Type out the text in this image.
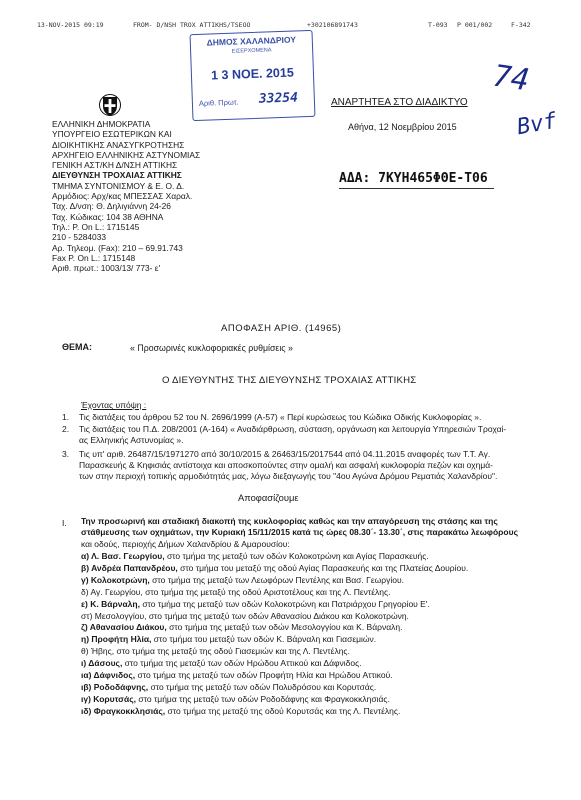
13-NOV-2015 09:19	FROM- D/NSH TROX ATTIKHS/TSEOO	+302106891743	T-093 P 001/002	F-342
ΕΛΛΗΝΙΚΗ ΔΗΜΟΚΡΑΤΙΑ
ΥΠΟΥΡΓΕΙΟ ΕΣΩΤΕΡΙΚΩΝ ΚΑΙ
ΔΙΟΙΚΗΤΙΚΗΣ ΑΝΑΣΥΓΚΡΟΤΗΣΗΣ
ΑΡΧΗΓΕΙΟ ΕΛΛΗΝΙΚΗΣ ΑΣΤΥΝΟΜΙΑΣ
ΓΕΝΙΚΗ ΑΣΤ/ΚΗ Δ/ΝΣΗ ΑΤΤΙΚΗΣ
ΔΙΕΥΘΥΝΣΗ ΤΡΟΧΑΙΑΣ ΑΤΤΙΚΗΣ
ΤΜΗΜΑ ΣΥΝΤΟΝΙΣΜΟΥ & Ε. Ο. Δ.
Αρμόδιος: Αρχ/κας ΜΠΕΣΣΑΣ Χαραλ.
Ταχ. Δ/νση: Θ. Δηλιγιάννη 24-26
Ταχ. Κώδικας: 104 38 ΑΘΗΝΑ
Τηλ.: Ρ. On L.: 1715145
210 - 5284033
Αρ. Τηλεομ. (Fax): 210 – 69.91.743
Fax P. On L.: 1715148
Αριθ. πρωτ.: 1003/13/ 773- ε'
ΔΗΜΟΣ ΧΑΛΑΝΔΡΙΟΥ
ΕΙΣΕΡΧΟΜΕΝΑ
1 3 ΝΟΕ. 2015
Αριθ. Πρωτ. 33254	ΑΝΑΡΤΗΤΕΑ ΣΤΟ ΔΙΑΔΙΚΤΥΟ
Αθήνα, 12 Νοεμβρίου 2015
ΑΔΑ: 7ΚΥΗ465ΦΘΕ-Τ06
74
Bvf
ΑΠΟΦΑΣΗ ΑΡΙΘ. (14965)
ΘΕΜΑ:	« Προσωρινές κυκλοφοριακές ρυθμίσεις »
Ο ΔΙΕΥΘΥΝΤΗΣ ΤΗΣ ΔΙΕΥΘΥΝΣΗΣ ΤΡΟΧΑΙΑΣ ΑΤΤΙΚΗΣ
Έχοντας υπόψη :
1. Τις διατάξεις του άρθρου 52 του Ν. 2696/1999 (Α-57) « Περί κυρώσεως του Κώδικα Οδικής Κυκλοφορίας ».
2. Τις διατάξεις του Π.Δ. 208/2001 (Α-164) « Αναδιάρθρωση, σύσταση, οργάνωση και λειτουργία Υπηρεσιών Τροχαί-
ας Ελληνικής Αστυνομίας ».
3. Τις υπ' αριθ. 26487/15/1971270 από 30/10/2015 & 26463/15/2017544 από 04.11.2015 αναφορές των Τ.Τ. Αγ.
Παρασκευής & Κηφισιάς αντίστοιχα και αποσκοπούντες στην ομαλή και ασφαλή κυκλοφορία πεζών και οχημά-
των στην περιοχή τοπικής αρμοδιότητάς μας, λόγω διεξαγωγής του "4ου Αγώνα Δρόμου Ρεματιάς Χαλανδρίου".
Αποφασίζουμε
I. Την προσωρινή και σταδιακή διακοπή της κυκλοφορίας καθώς και την απαγόρευση της στάσης και της
στάθμευσης των οχημάτων, την Κυριακή 15/11/2015 κατά τις ώρες 08.30΄- 13.30΄, στις παρακάτω λεωφόρους
και οδούς, περιοχής Δήμων Χαλανδρίου & Αμαρουσίου:
α) Λ. Βασ. Γεωργίου, στο τμήμα της μεταξύ των οδών Κολοκοτρώνη και Αγίας Παρασκευής.
β) Ανδρέα Παπανδρέου, στο τμήμα του μεταξύ της οδού Αγίας Παρασκευής και της Πλατείας Δουρίου.
γ) Κολοκοτρώνη, στο τμήμα της μεταξύ των Λεωφόρων Πεντέλης και Βασ. Γεωργίου.
δ) Αγ. Γεωργίου, στο τμήμα της μεταξύ της οδού Αριστοτέλους και της Λ. Πεντέλης.
ε) Κ. Βάρναλη, στο τμήμα της μεταξύ των οδών Κολοκοτρώνη και Πατριάρχου Γρηγορίου Ε'.
στ) Μεσολογγίου, στο τμήμα της μεταξύ των οδών Αθανασίου Διάκου και Κολοκοτρώνη.
ζ) Αθανασίου Διάκου, στο τμήμα της μεταξύ των οδών Μεσολογγίου και Κ. Βάρναλη.
η) Προφήτη Ηλία, στο τμήμα του μεταξύ των οδών Κ. Βάρναλη και Γιασεμιών.
θ) Ήβης, στο τμήμα της μεταξύ της οδού Γιασεμιών και της Λ. Πεντέλης.
ι) Δάσους, στο τμήμα της μεταξύ των οδών Ηρώδου Αττικού και Δάφνιδος.
ια) Δάφνιδος, στο τμήμα της μεταξύ των οδών Προφήτη Ηλία και Ηρώδου Αττικού.
ιβ) Ροδοδάφνης, στο τμήμα της μεταξύ των οδών Πολυδρόσου και Κορυτσάς.
ιγ) Κορυτσάς, στο τμήμα της μεταξύ των οδών Ροδοδάφνης και Φραγκοκκλησιάς.
ιδ) Φραγκοκκλησιάς, στο τμήμα της μεταξύ της οδού Κορυτσάς και της Λ. Πεντέλης.
